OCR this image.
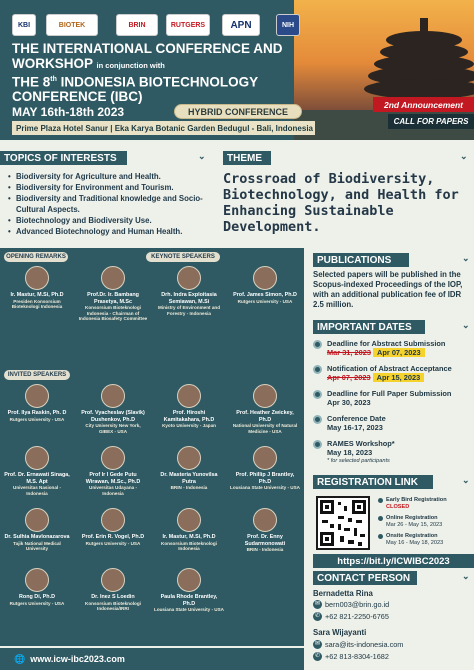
KBI	BIOTEK	BRIN	RUTGERS	APN	NIH
THE INTERNATIONAL CONFERENCE AND
WORKSHOP in conjunction with
THE 8th INDONESIA BIOTECHNOLOGY
CONFERENCE (IBC)
MAY 16th-18th 2023	HYBRID CONFERENCE
Prime Plaza Hotel Sanur | Eka Karya Botanic Garden Bedugul - Bali, Indonesia
2nd Announcement
CALL FOR PAPERS
TOPICS OF INTERESTS	⌄
• Biodiversity for Agriculture and Health.
• Biodiversity for Environment and Tourism.
• Biodiversity and Traditional knowledge and Socio-Cultural Aspects.
• Biotechnology and Biodiversity Use.
• Advanced Biotechnology and Human Health.
THEME	⌄
Crossroad of Biodiversity, Biotechnology, and Health for Enhancing Sustainable Development.
OPENING REMARKS	KEYNOTE SPEAKERS
INVITED SPEAKERS
Ir. Mastur, M.Si, Ph.D
Presiden Konsorsium Bioteknologi Indonesia
Prof.Dr. Ir. Bambang Prasetya, M.Sc
Konsorsium Bioteknologi Indonesia - Chairman of Indonesia Biosafety Committee
Drh. Indra Exploitasia Semiawan, M.Si
Ministry of Environment and Forestry - Indonesia
Prof. James Simon, Ph.D
Rutgers University - USA
Prof. Ilya Raskin, Ph. D
Rutgers University - USA
Prof. Vyacheslav (Slavik) Dushenkov, Ph.D
City University New York, GIBEX - USA
Prof. Hiroshi Kamitakahara, Ph.D
Kyoto University - Japan
Prof. Heather Zwickey, Ph.D
National University of Natural Medicine - USA
Prof. Dr. Ernawati Sinaga, M.S. Apt
Universitas Nasional - Indonesia
Prof Ir I Gede Putu Wirawan, M.Sc., Ph.D
Universitas Udayana - Indonesia
Dr. Masteria Yunovilsa Putra
BRIN - Indonesia
Prof. Phillip J Brantley, Ph.D
Lousiana State University - USA
Dr. Sulhia Mavlonazarova
Tajik National Medical University
Prof. Erin R. Vogel, Ph.D
Rutgers University - USA
Ir. Mastur, M.Si, Ph.D
Konsorsium Bioteknologi Indonesia
Prof. Dr. Enny Sudarmonowati
BRIN - Indonesia
Rong Di, Ph.D
Rutgers University - USA
Dr. Inez S Loedin
Konsorsium Bioteknologi Indonesia/IRRI
Paula Rhode Brantley, Ph.D
Lousiana State University - USA
PUBLICATIONS	⌄
Selected papers will be published in the Scopus-indexed Proceedings of the IOP, with an additional publication fee of IDR 2.5 million.
IMPORTANT DATES	⌄
Deadline for Abstract Submission
Mar 31, 2023 Apr 07, 2023
Notification of Abstract Acceptance
Apr 07, 2023 Apr 15, 2023
Deadline for Full Paper Submission
Apr 30, 2023
Conference Date
May 16-17, 2023
RAMES Workshop*
May 18, 2023
* for selected participants
REGISTRATION LINK	⌄
Early Bird Registration
CLOSED
Online Registration
Mar 26 - May 15, 2023
Onsite Registration
May 16 - May 18, 2023
https://bit.ly/ICWIBC2023
CONTACT PERSON	⌄
Bernadetta Rina
✉ bern003@brin.go.id
✆ +62 821-2250-6765
Sara Wijayanti
✉ sara@its-indonesia.com
✆ +62 813-8304-1682
🌐 www.icw-ibc2023.com
